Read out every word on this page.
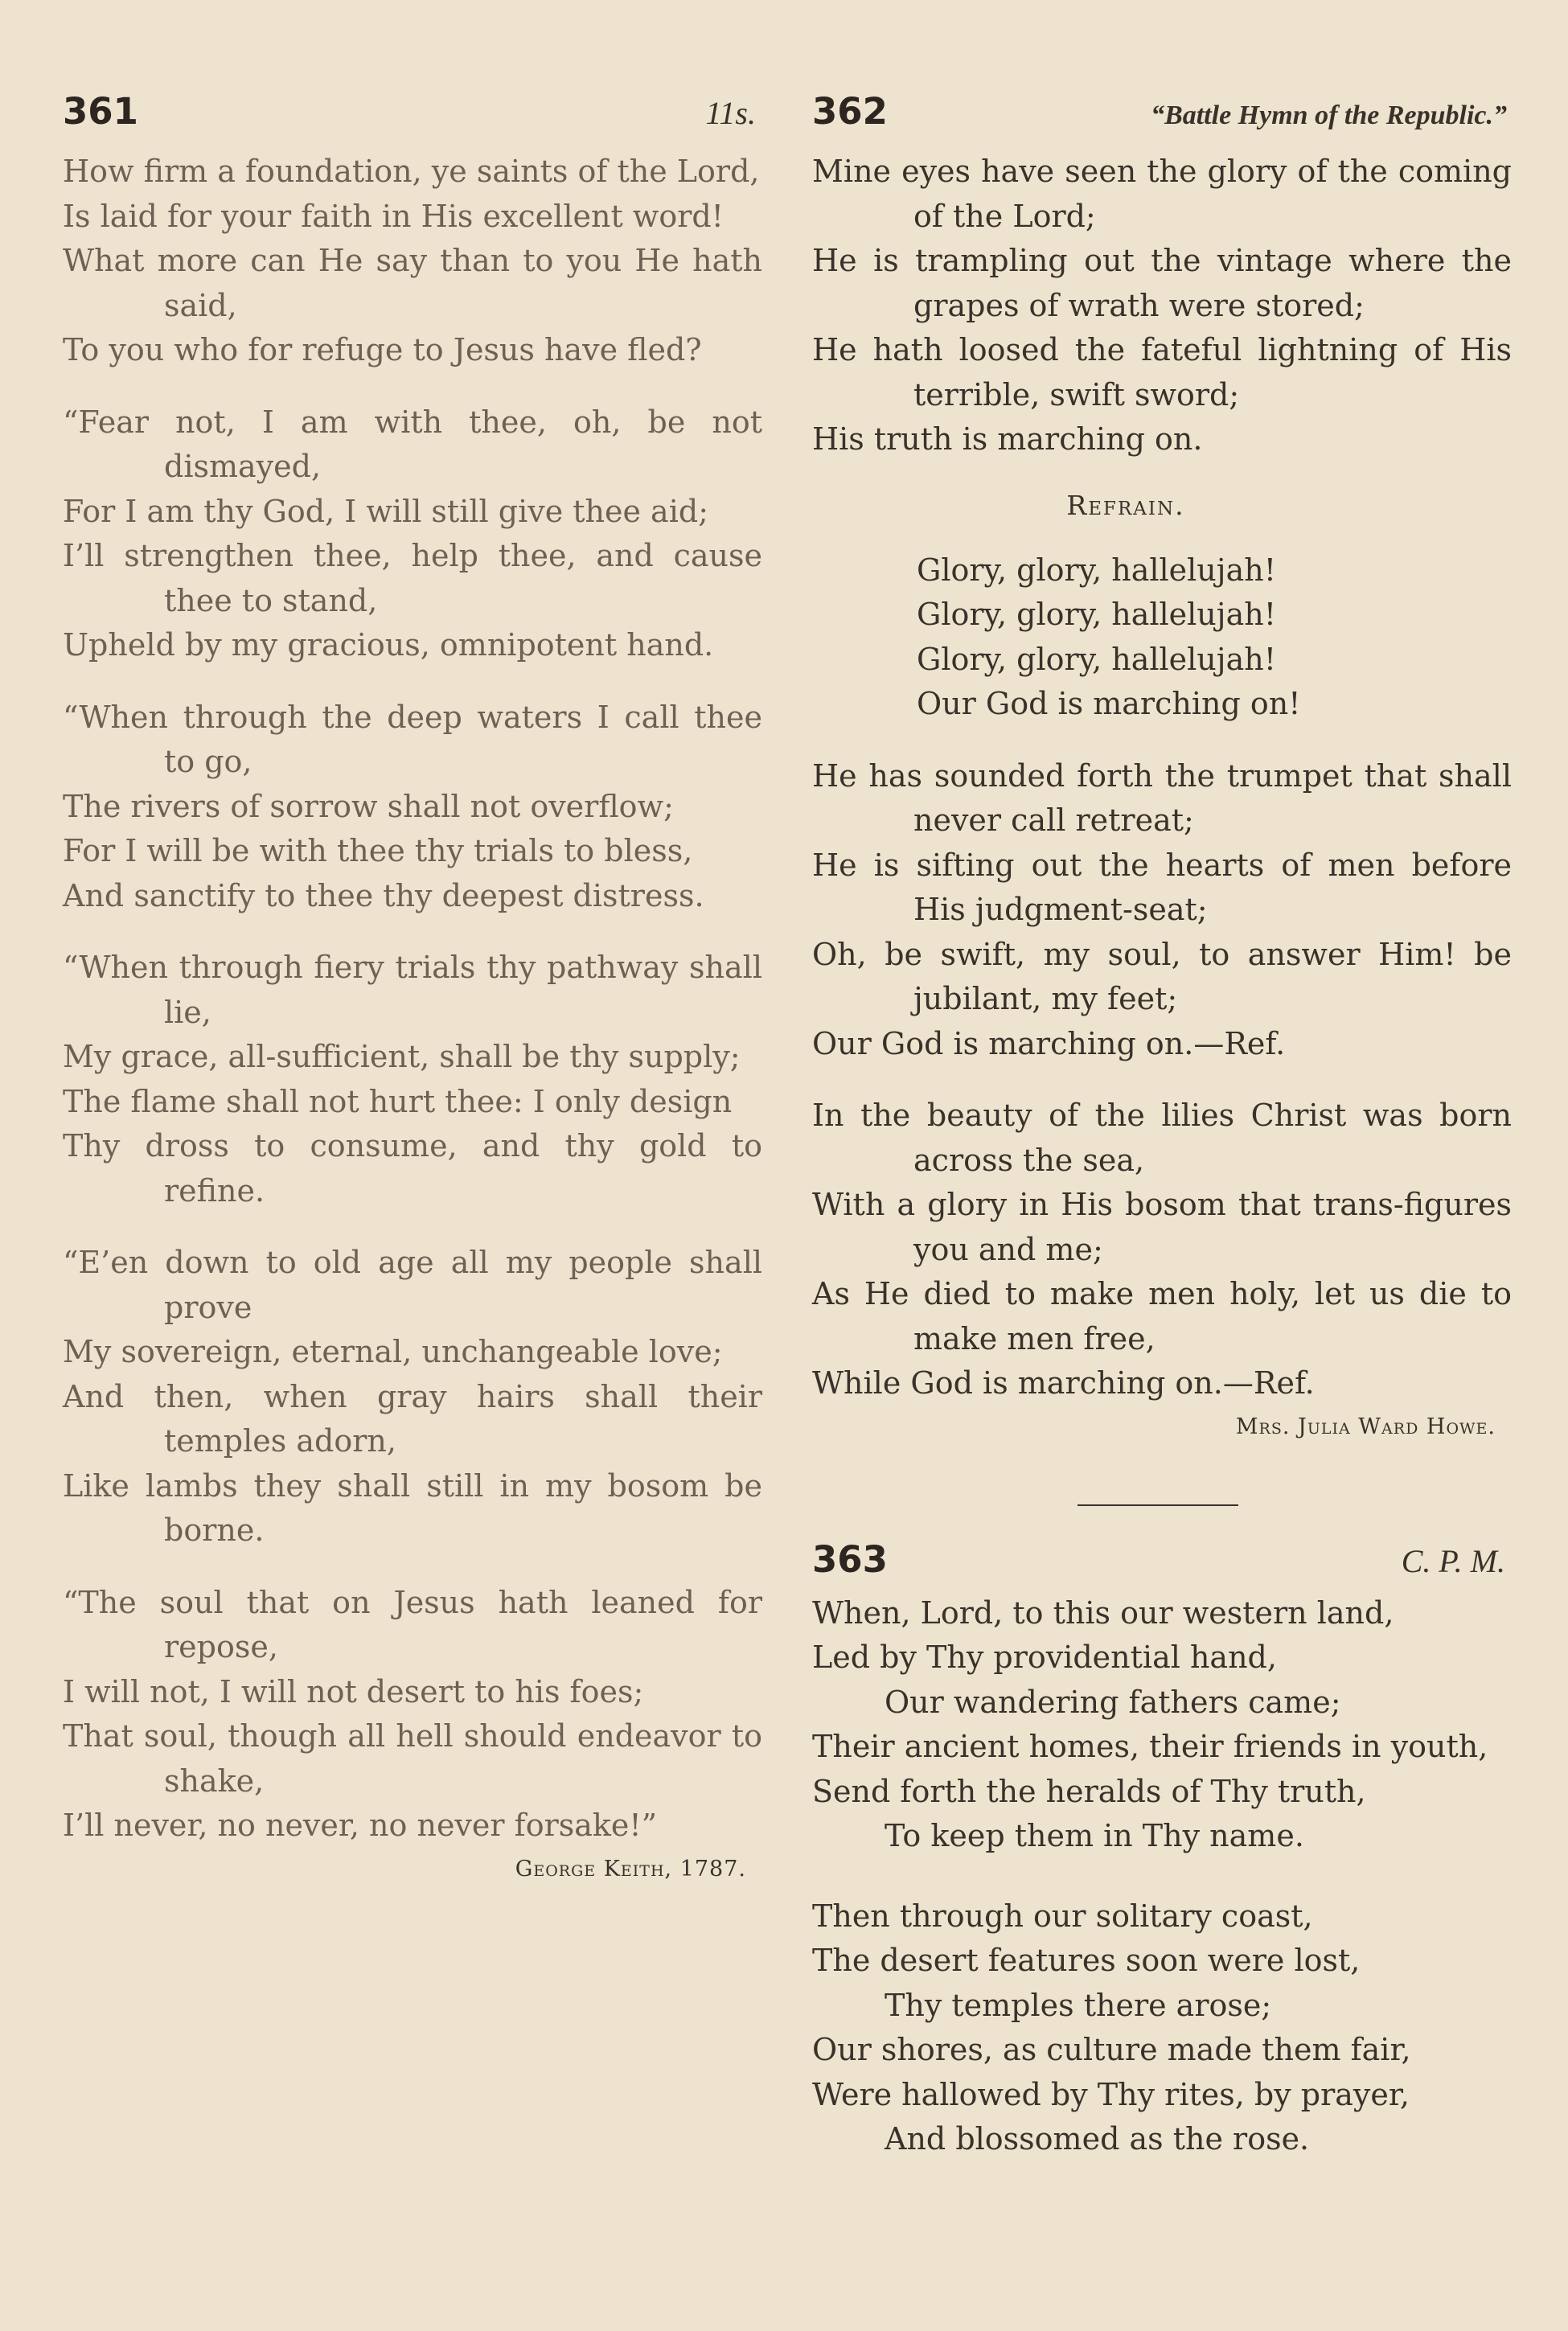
361	11s.
How firm a foundation, ye saints of the Lord,
Is laid for your faith in His excellent word!
What more can He say than to you He hath said,
To you who for refuge to Jesus have fled?
“Fear not, I am with thee, oh, be not dismayed,
For I am thy God, I will still give thee aid;
I’ll strengthen thee, help thee, and cause thee to stand,
Upheld by my gracious, omnipotent hand.
“When through the deep waters I call thee to go,
The rivers of sorrow shall not overflow;
For I will be with thee thy trials to bless,
And sanctify to thee thy deepest distress.
“When through fiery trials thy pathway shall lie,
My grace, all-sufficient, shall be thy supply;
The flame shall not hurt thee: I only design
Thy dross to consume, and thy gold to refine.
“E’en down to old age all my people shall prove
My sovereign, eternal, unchangeable love;
And then, when gray hairs shall their temples adorn,
Like lambs they shall still in my bosom be borne.
“The soul that on Jesus hath leaned for repose,
I will not, I will not desert to his foes;
That soul, though all hell should endeavor to shake,
I’ll never, no never, no never forsake!”
George Keith, 1787.
362	“Battle Hymn of the Republic.”
Mine eyes have seen the glory of the coming of the Lord;
He is trampling out the vintage where the grapes of wrath were stored;
He hath loosed the fateful lightning of His terrible, swift sword;
His truth is marching on.
Refrain.
Glory, glory, hallelujah!
Glory, glory, hallelujah!
Glory, glory, hallelujah!
Our God is marching on!
He has sounded forth the trumpet that shall never call retreat;
He is sifting out the hearts of men before His judgment-seat;
Oh, be swift, my soul, to answer Him! be jubilant, my feet;
Our God is marching on.—Ref.
In the beauty of the lilies Christ was born across the sea,
With a glory in His bosom that trans-figures you and me;
As He died to make men holy, let us die to make men free,
While God is marching on.—Ref.
Mrs. Julia Ward Howe.
363	C. P. M.
When, Lord, to this our western land,
Led by Thy providential hand,
Our wandering fathers came;
Their ancient homes, their friends in youth,
Send forth the heralds of Thy truth,
To keep them in Thy name.
Then through our solitary coast,
The desert features soon were lost,
Thy temples there arose;
Our shores, as culture made them fair,
Were hallowed by Thy rites, by prayer,
And blossomed as the rose.
